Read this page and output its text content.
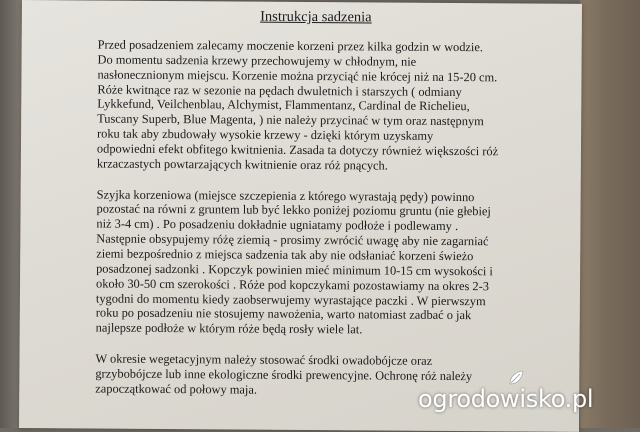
Instrukcja sadzenia
Przed posadzeniem zalecamy moczenie korzeni przez kilka godzin w wodzie.
Do momentu sadzenia krzewy przechowujemy w chłodnym, nie
nasłonecznionym miejscu. Korzenie można przyciąć nie krócej niż na 15-20 cm.
Róże kwitnące raz w sezonie na pędach dwuletnich i starszych ( odmiany
Lykkefund, Veilchenblau, Alchymist, Flammentanz, Cardinal de Richelieu,
Tuscany Superb, Blue Magenta, ) nie należy przycinać w tym oraz następnym
roku tak aby zbudowały wysokie krzewy - dzięki którym uzyskamy
odpowiedni efekt obfitego kwitnienia. Zasada ta dotyczy również większości róż
krzaczastych powtarzających kwitnienie oraz róż pnących.
Szyjka korzeniowa (miejsce szczepienia z którego wyrastają pędy) powinno
pozostać na równi z gruntem lub być lekko poniżej poziomu gruntu (nie głebiej
niż 3-4 cm) . Po posadzeniu dokładnie ugniatamy podłoże i podlewamy .
Następnie obsypujemy różę ziemią - prosimy zwrócić uwagę aby nie zagarniać
ziemi bezpośrednio z miejsca sadzenia tak aby nie odsłaniać korzeni świeżo
posadzonej sadzonki . Kopczyk powinien mieć minimum 10-15 cm wysokości i
około 30-50 cm szerokości . Róże pod kopczykami pozostawiamy na okres 2-3
tygodni do momentu kiedy zaobserwujemy wyrastające paczki . W pierwszym
roku po posadzeniu nie stosujemy nawożenia, warto natomiast zadbać o jak
najlepsze podłoże w którym róże będą rosły wiele lat.
W okresie wegetacyjnym należy stosować środki owadobójcze oraz
grzybobójcze lub inne ekologiczne środki prewencyjne. Ochronę róż należy
zapoczątkować od połowy maja.	ogrodowisko.pl
